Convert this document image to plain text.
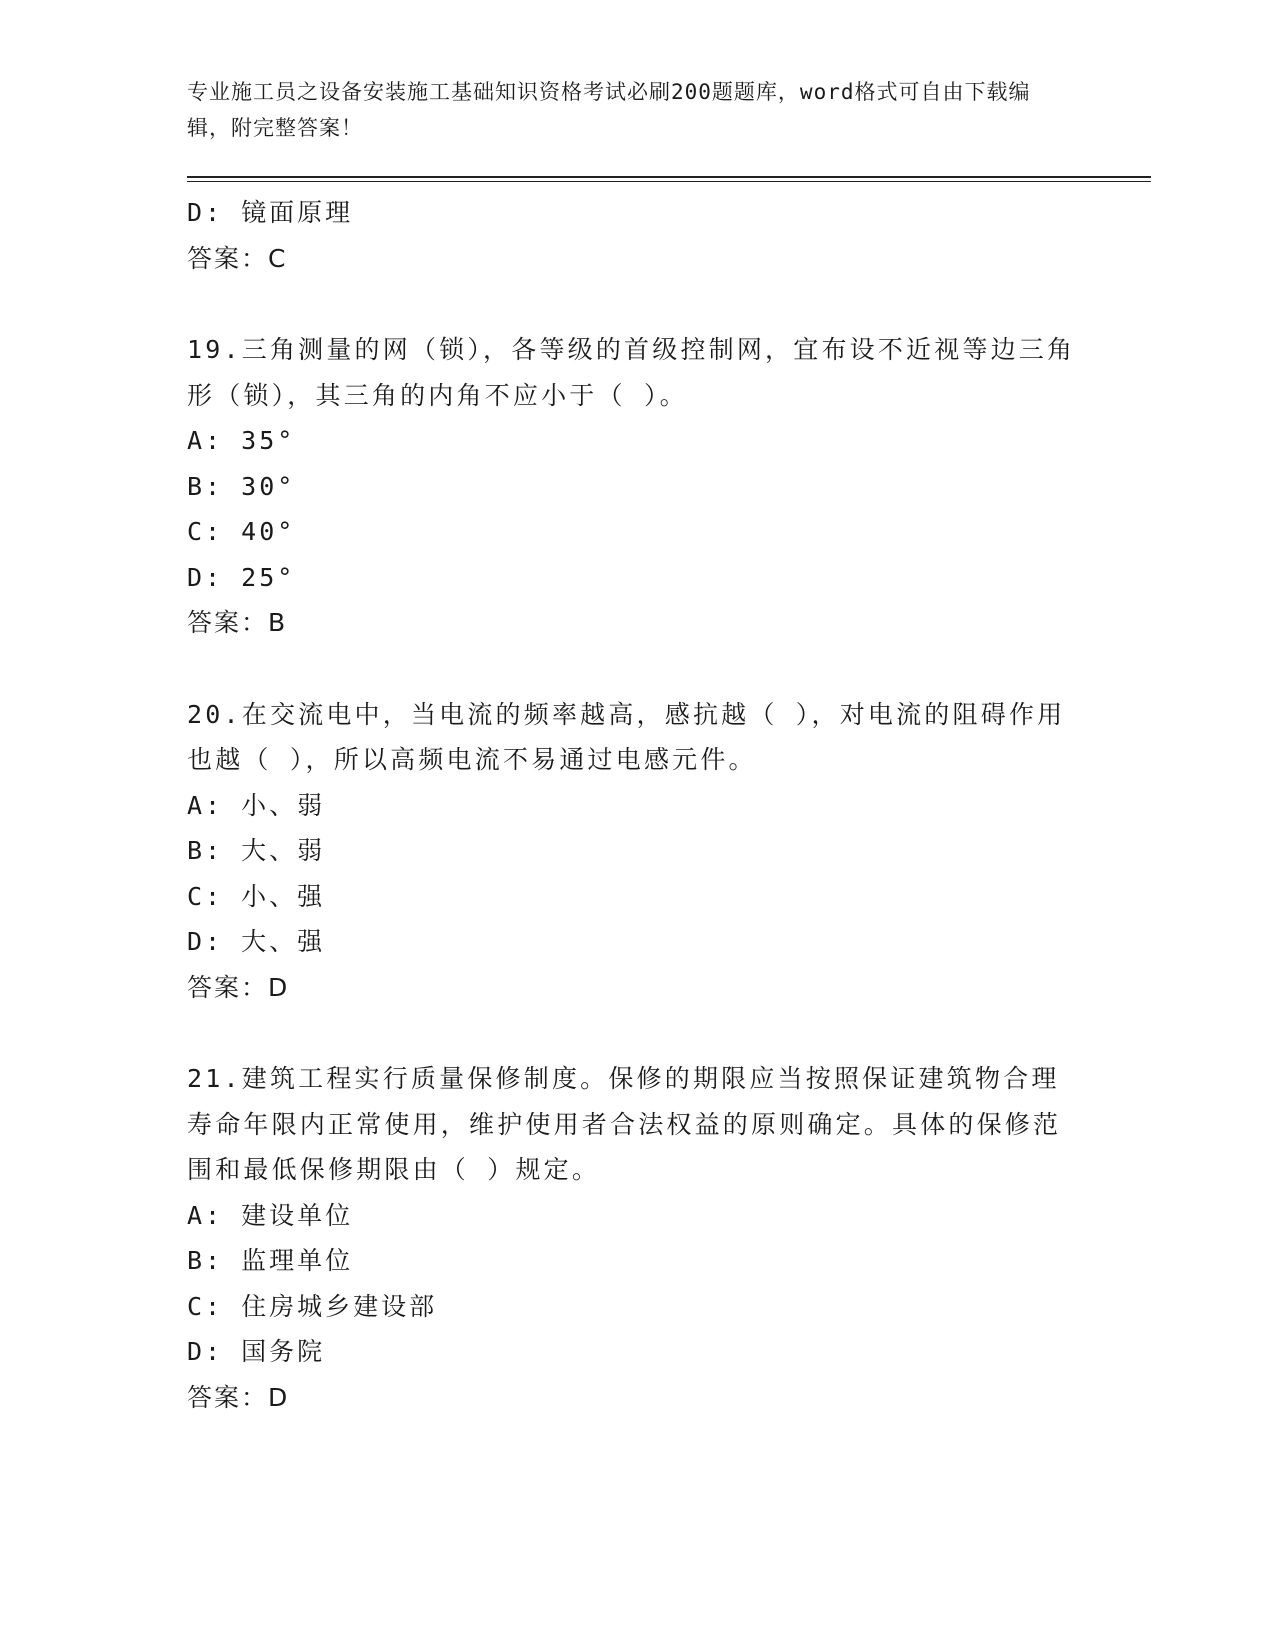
专业施工员之设备安装施工基础知识资格考试必刷200题题库，word格式可自由下载编辑，附完整答案！

D: 镜面原理

答案：C

19.三角测量的网（锁），各等级的首级控制网，宜布设不近视等边三角形（锁），其三角的内角不应小于（ ）。

A: 35°

B: 30°

C: 40°

D: 25°

答案：B

20.在交流电中，当电流的频率越高，感抗越（ ），对电流的阻碍作用也越（ ），所以高频电流不易通过电感元件。

A: 小、弱

B: 大、弱

C: 小、强

D: 大、强

答案：D

21.建筑工程实行质量保修制度。保修的期限应当按照保证建筑物合理寿命年限内正常使用，维护使用者合法权益的原则确定。具体的保修范围和最低保修期限由（ ）规定。

A: 建设单位

B: 监理单位

C: 住房城乡建设部

D: 国务院

答案：D
